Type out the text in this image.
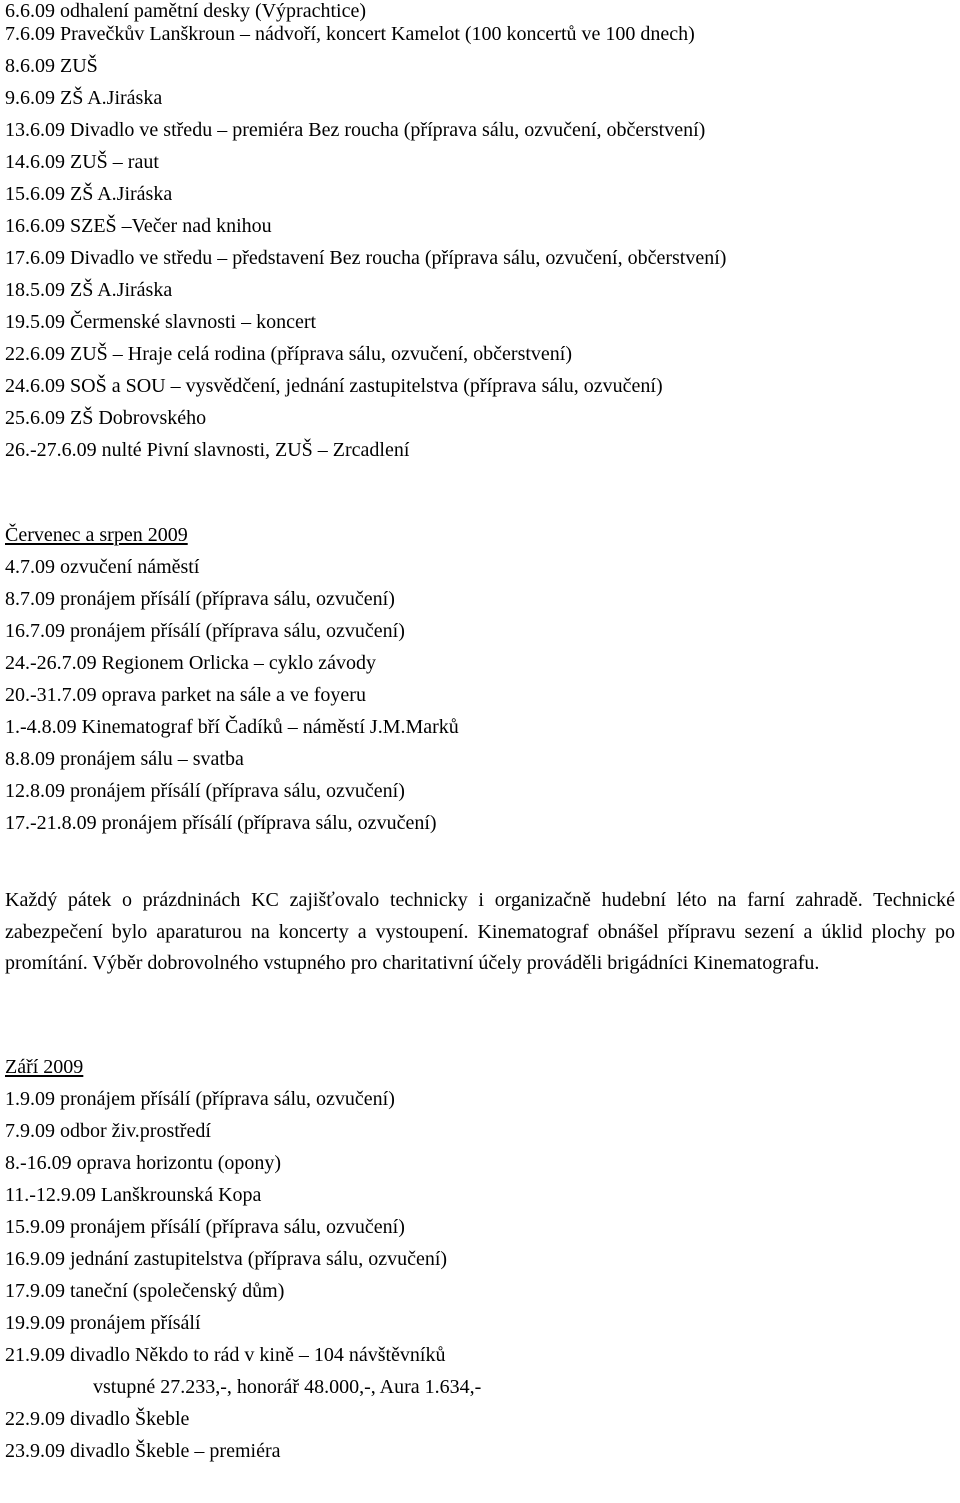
6.6.09 odhalení pamětní desky (Výprachtice)
7.6.09 Pravečkův Lanškroun – nádvoří, koncert Kamelot (100 koncertů ve 100 dnech)
8.6.09 ZUŠ
9.6.09 ZŠ A.Jiráska
13.6.09 Divadlo ve středu – premiéra Bez roucha (příprava sálu, ozvučení, občerstvení)
14.6.09 ZUŠ – raut
15.6.09 ZŠ A.Jiráska
16.6.09 SZEŠ –Večer nad knihou
17.6.09 Divadlo ve středu – představení Bez roucha (příprava sálu, ozvučení, občerstvení)
18.5.09 ZŠ A.Jiráska
19.5.09 Čermenské slavnosti – koncert
22.6.09 ZUŠ – Hraje celá rodina (příprava sálu, ozvučení, občerstvení)
24.6.09 SOŠ a SOU – vysvědčení, jednání zastupitelstva (příprava sálu, ozvučení)
25.6.09 ZŠ Dobrovského
26.-27.6.09 nulté Pivní slavnosti, ZUŠ – Zrcadlení
Červenec a srpen 2009
4.7.09 ozvučení náměstí
8.7.09 pronájem přísálí (příprava sálu, ozvučení)
16.7.09 pronájem přísálí (příprava sálu, ozvučení)
24.-26.7.09 Regionem Orlicka – cyklo závody
20.-31.7.09 oprava parket na sále a ve foyeru
1.-4.8.09 Kinematograf bří Čadíků – náměstí J.M.Marků
8.8.09 pronájem sálu – svatba
12.8.09 pronájem přísálí (příprava sálu, ozvučení)
17.-21.8.09 pronájem přísálí (příprava sálu, ozvučení)
Každý pátek o prázdninách KC zajišťovalo technicky i organizačně hudební léto na farní zahradě. Technické zabezpečení bylo aparaturou na koncerty a vystoupení. Kinematograf obnášel přípravu sezení a úklid plochy po promítání. Výběr dobrovolného vstupného pro charitativní účely prováděli brigádníci Kinematografu.
Září 2009
1.9.09 pronájem přísálí (příprava sálu, ozvučení)
7.9.09 odbor živ.prostředí
8.-16.09 oprava horizontu (opony)
11.-12.9.09 Lanškrounská Kopa
15.9.09 pronájem přísálí (příprava sálu, ozvučení)
16.9.09 jednání zastupitelstva (příprava sálu, ozvučení)
17.9.09 taneční (společenský dům)
19.9.09 pronájem přísálí
21.9.09 divadlo Někdo to rád v kině – 104 návštěvníků
vstupné 27.233,-, honorář 48.000,-, Aura 1.634,-
22.9.09 divadlo Škeble
23.9.09 divadlo Škeble – premiéra
